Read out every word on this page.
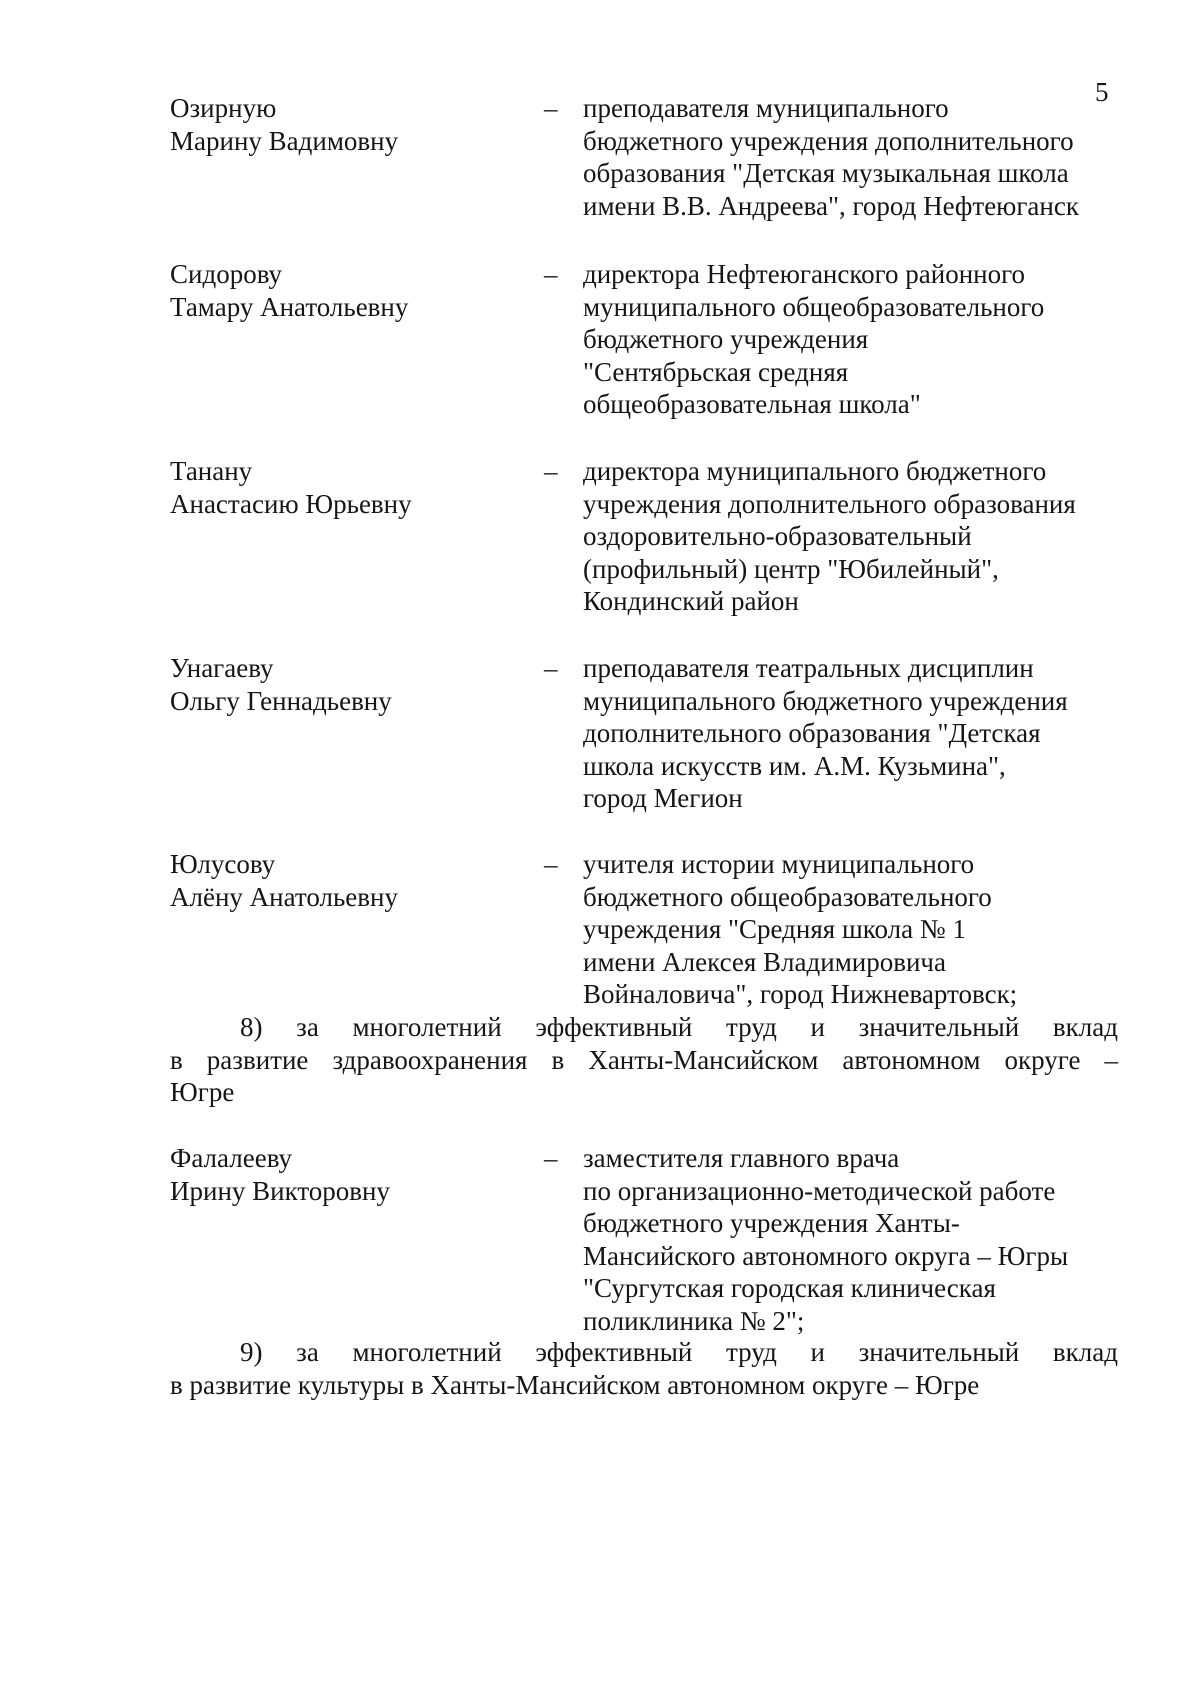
5
Озирную
Марину Вадимовну
– преподавателя муниципального
бюджетного учреждения дополнительного
образования "Детская музыкальная школа
имени В.В. Андреева", город Нефтеюганск
Сидорову
Тамару Анатольевну
– директора Нефтеюганского районного
муниципального общеобразовательного
бюджетного учреждения
"Сентябрьская средняя
общеобразовательная школа"
Танану
Анастасию Юрьевну
– директора муниципального бюджетного
учреждения дополнительного образования
оздоровительно-образовательный
(профильный) центр "Юбилейный",
Кондинский район
Унагаеву
Ольгу Геннадьевну
– преподавателя театральных дисциплин
муниципального бюджетного учреждения
дополнительного образования "Детская
школа искусств им. А.М. Кузьмина",
город Мегион
Юлусову
Алёну Анатольевну
– учителя истории муниципального
бюджетного общеобразовательного
учреждения "Средняя школа № 1
имени Алексея Владимировича
Войналовича", город Нижневартовск;
8) за многолетний эффективный труд и значительный вклад
в развитие здравоохранения в Ханты-Мансийском автономном округе –
Югре
Фалалееву
Ирину Викторовну
– заместителя главного врача
по организационно-методической работе
бюджетного учреждения Ханты-
Мансийского автономного округа – Югры
"Сургутская городская клиническая
поликлиника № 2";
9) за многолетний эффективный труд и значительный вклад
в развитие культуры в Ханты-Мансийском автономном округе – Югре
